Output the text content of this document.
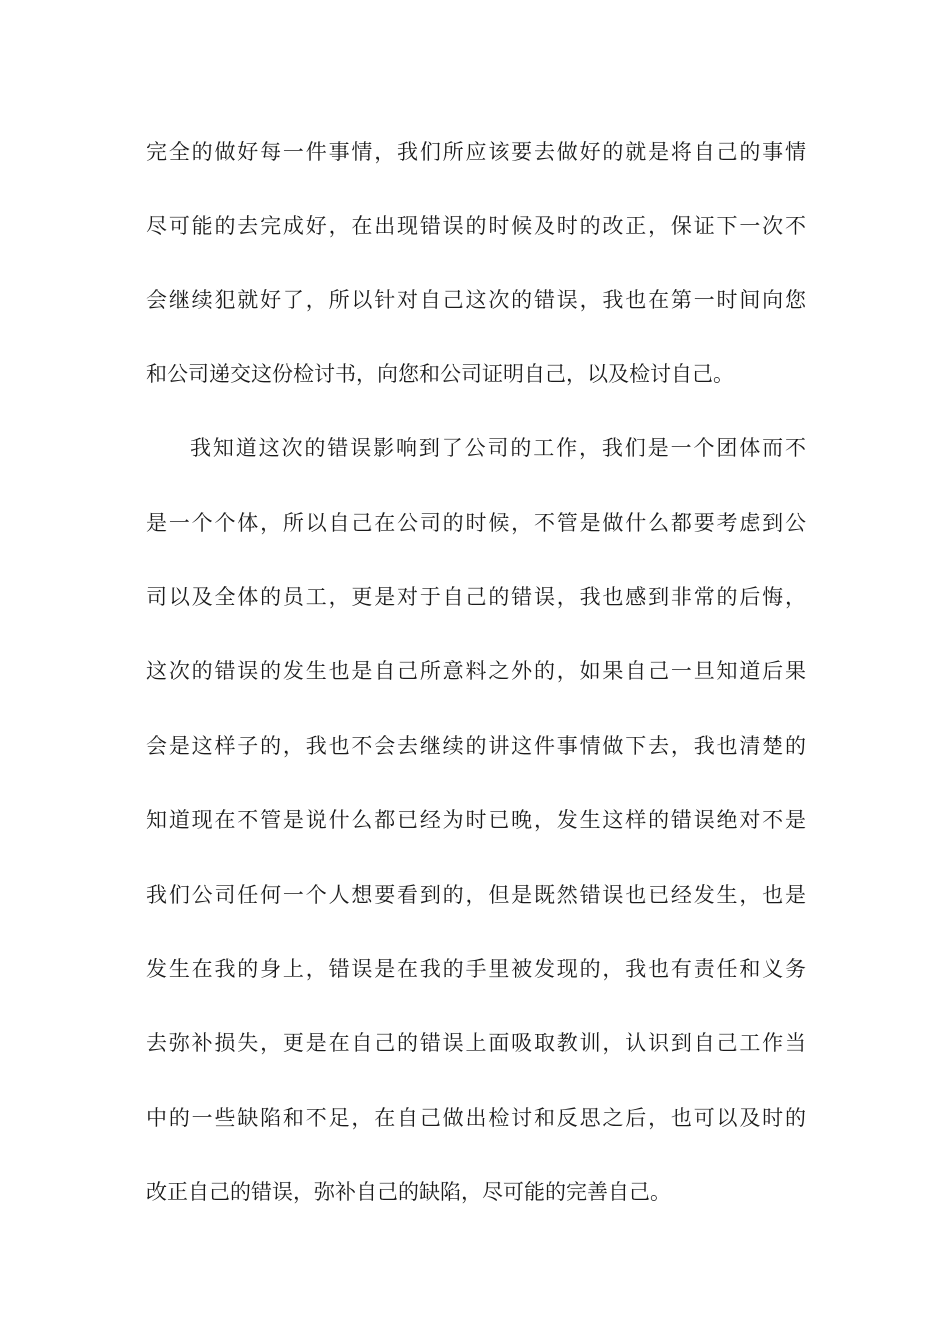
完全的做好每一件事情，我们所应该要去做好的就是将自己的事情
尽可能的去完成好，在出现错误的时候及时的改正，保证下一次不
会继续犯就好了，所以针对自己这次的错误，我也在第一时间向您
和公司递交这份检讨书，向您和公司证明自己，以及检讨自己。
我知道这次的错误影响到了公司的工作，我们是一个团体而不
是一个个体，所以自己在公司的时候，不管是做什么都要考虑到公
司以及全体的员工，更是对于自己的错误，我也感到非常的后悔，
这次的错误的发生也是自己所意料之外的，如果自己一旦知道后果
会是这样子的，我也不会去继续的讲这件事情做下去，我也清楚的
知道现在不管是说什么都已经为时已晚，发生这样的错误绝对不是
我们公司任何一个人想要看到的，但是既然错误也已经发生，也是
发生在我的身上，错误是在我的手里被发现的，我也有责任和义务
去弥补损失，更是在自己的错误上面吸取教训，认识到自己工作当
中的一些缺陷和不足，在自己做出检讨和反思之后，也可以及时的
改正自己的错误，弥补自己的缺陷，尽可能的完善自己。
